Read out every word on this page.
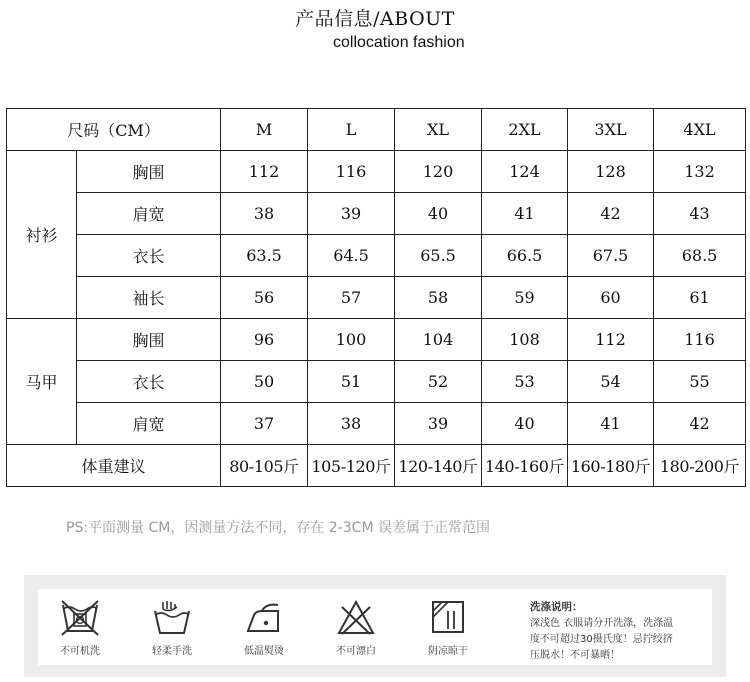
产品信息/ABOUT
collocation fashion
尺码（CM）		M	L	XL	2XL	3XL	4XL
衬衫	胸围	112	116	120	124	128	132
	肩宽	38	39	40	41	42	43
	衣长	63.5	64.5	65.5	66.5	67.5	68.5
	袖长	56	57	58	59	60	61
马甲	胸围	96	100	104	108	112	116
	衣长	50	51	52	53	54	55
	肩宽	37	38	39	40	41	42
体重建议		80-105斤	105-120斤	120-140斤	140-160斤	160-180斤	180-200斤
PS:平面测量 CM，因测量方法不同，存在 2-3CM 误差属于正常范围
不可机洗	轻柔手洗	低温熨烫	不可漂白	阴凉晾干
洗涤说明：
深浅色 衣服请分开洗涤，洗涤温
度不可超过30摄氏度！忌拧绞挤
压脱水！不可暴晒！
